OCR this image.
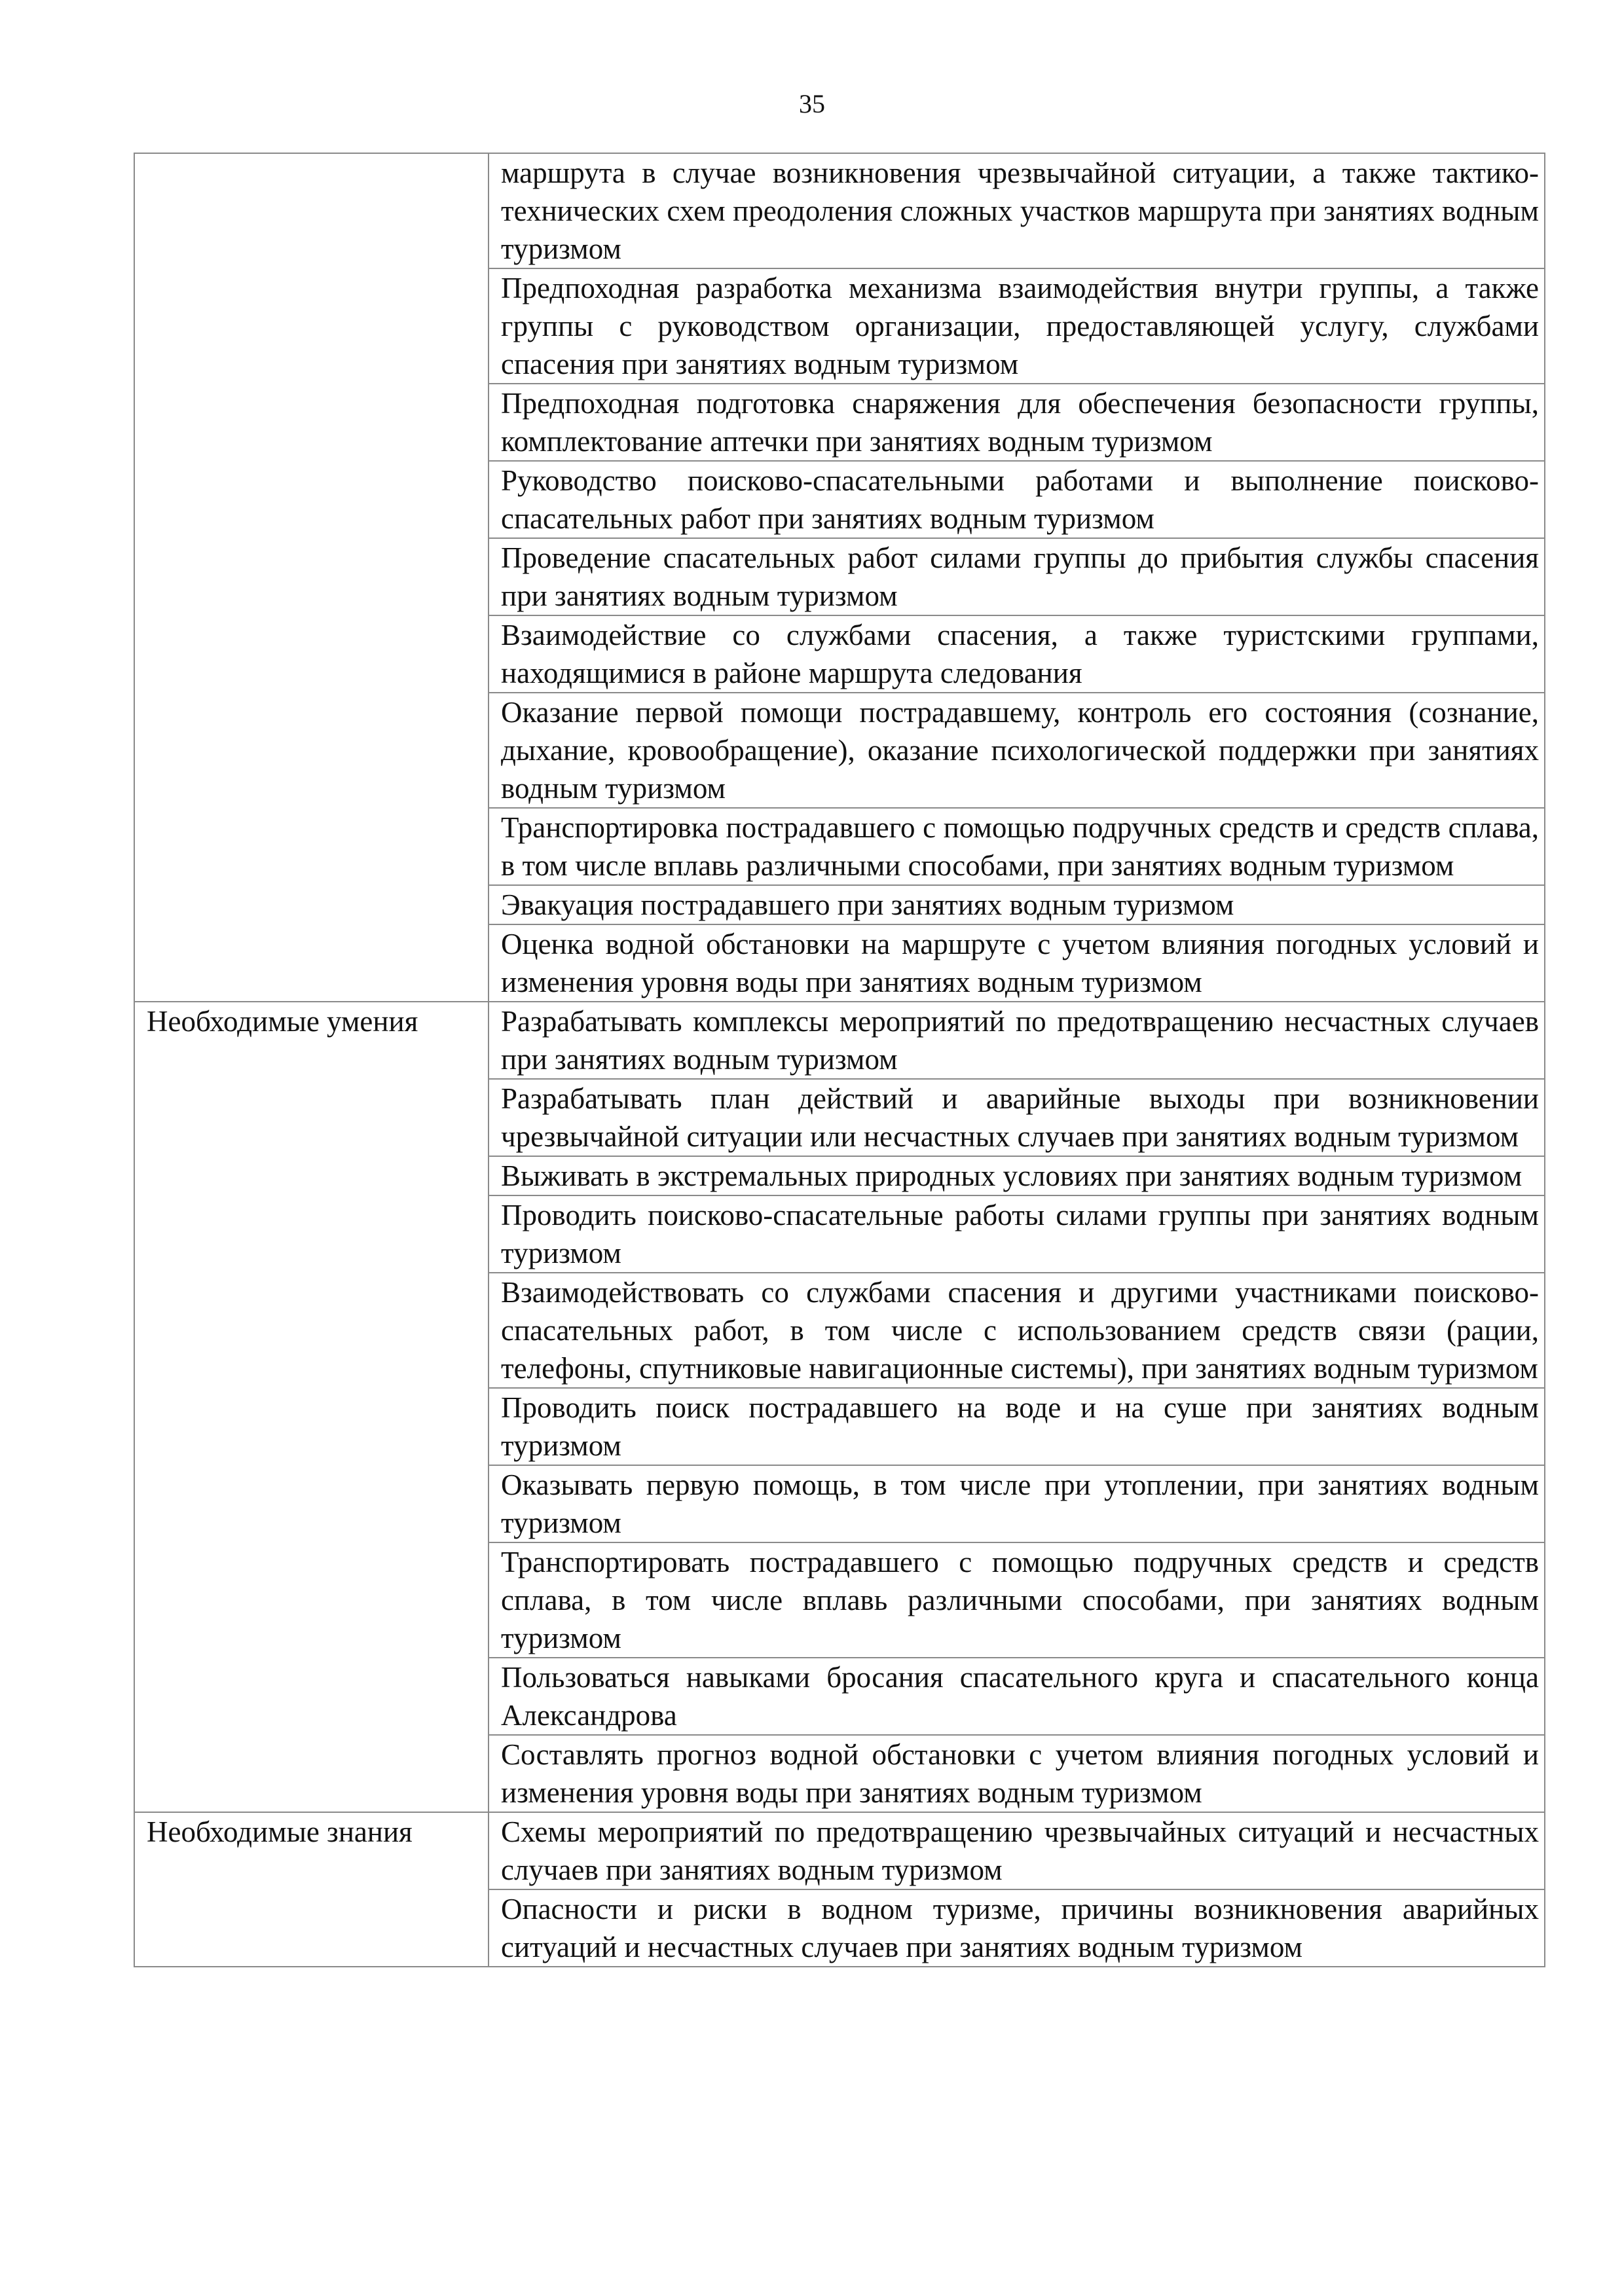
35
	маршрута в случае возникновения чрезвычайной ситуации, а также тактико-технических схем преодоления сложных участков маршрута при занятиях водным туризмом
	Предпоходная разработка механизма взаимодействия внутри группы, а также группы с руководством организации, предоставляющей услугу, службами спасения при занятиях водным туризмом
	Предпоходная подготовка снаряжения для обеспечения безопасности группы, комплектование аптечки при занятиях водным туризмом
	Руководство поисково-спасательными работами и выполнение поисково-спасательных работ при занятиях водным туризмом
	Проведение спасательных работ силами группы до прибытия службы спасения при занятиях водным туризмом
	Взаимодействие со службами спасения, а также туристскими группами, находящимися в районе маршрута следования
	Оказание первой помощи пострадавшему, контроль его состояния (сознание, дыхание, кровообращение), оказание психологической поддержки при занятиях водным туризмом
	Транспортировка пострадавшего с помощью подручных средств и средств сплава, в том числе вплавь различными способами, при занятиях водным туризмом
	Эвакуация пострадавшего при занятиях водным туризмом
	Оценка водной обстановки на маршруте с учетом влияния погодных условий и изменения уровня воды при занятиях водным туризмом
Необходимые умения	Разрабатывать комплексы мероприятий по предотвращению несчастных случаев при занятиях водным туризмом
	Разрабатывать план действий и аварийные выходы при возникновении чрезвычайной ситуации или несчастных случаев при занятиях водным туризмом
	Выживать в экстремальных природных условиях при занятиях водным туризмом
	Проводить поисково-спасательные работы силами группы при занятиях водным туризмом
	Взаимодействовать со службами спасения и другими участниками поисково-спасательных работ, в том числе с использованием средств связи (рации, телефоны, спутниковые навигационные системы), при занятиях водным туризмом
	Проводить поиск пострадавшего на воде и на суше при занятиях водным туризмом
	Оказывать первую помощь, в том числе при утоплении, при занятиях водным туризмом
	Транспортировать пострадавшего с помощью подручных средств и средств сплава, в том числе вплавь различными способами, при занятиях водным туризмом
	Пользоваться навыками бросания спасательного круга и спасательного конца Александрова
	Составлять прогноз водной обстановки с учетом влияния погодных условий и изменения уровня воды при занятиях водным туризмом
Необходимые знания	Схемы мероприятий по предотвращению чрезвычайных ситуаций и несчастных случаев при занятиях водным туризмом
	Опасности и риски в водном туризме, причины возникновения аварийных ситуаций и несчастных случаев при занятиях водным туризмом
